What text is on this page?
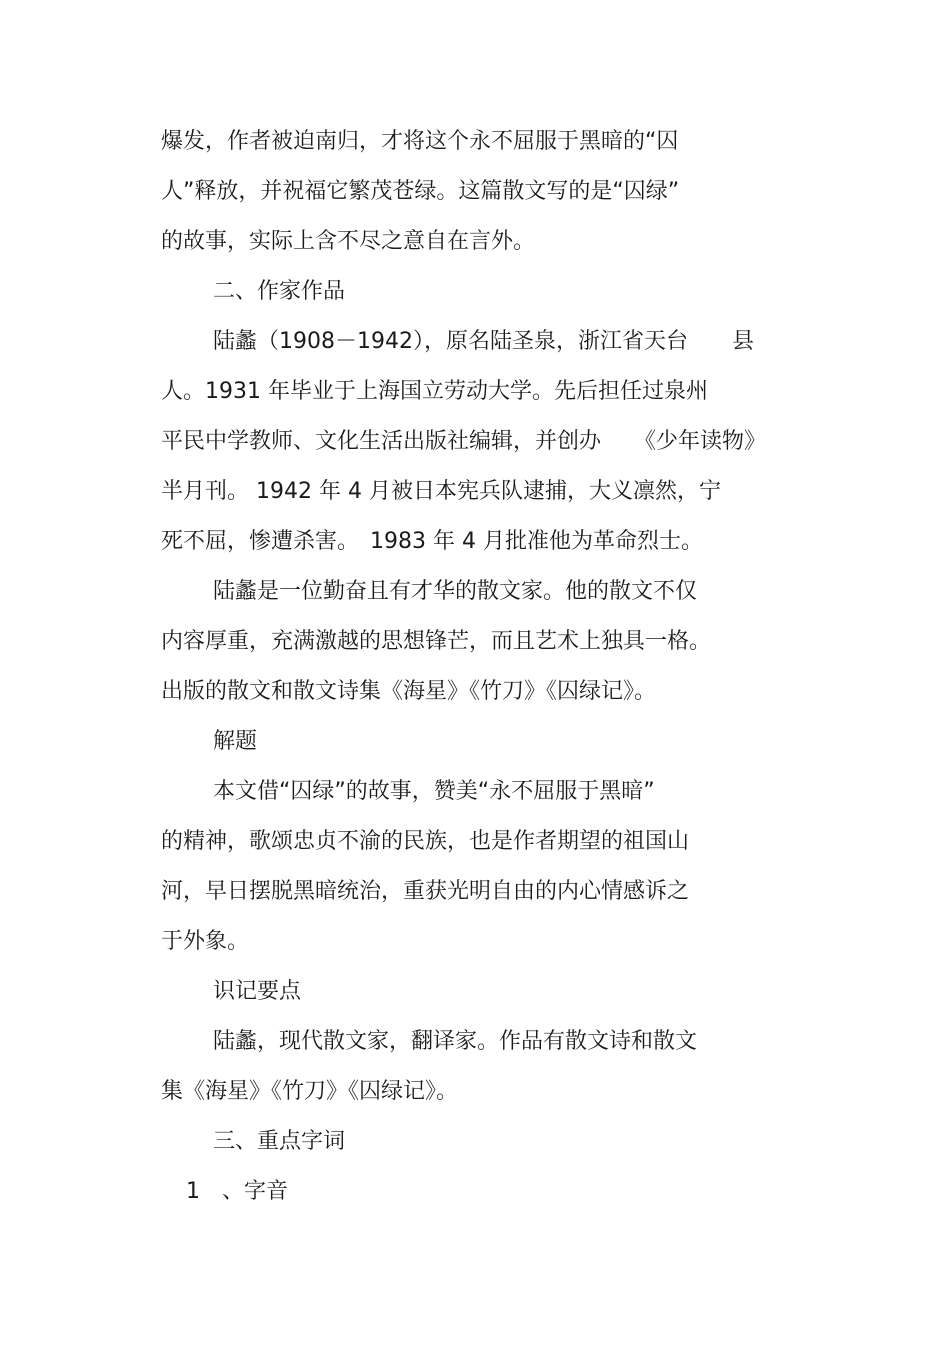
爆发，作者被迫南归，才将这个永不屈服于黑暗的“囚
人”释放，并祝福它繁茂苍绿。这篇散文写的是“囚绿”
的故事，实际上含不尽之意自在言外。
二、作家作品
陆蠡（1908－1942），原名陆圣泉，浙江省天台　　县
人。1931 年毕业于上海国立劳动大学。先后担任过泉州
平民中学教师、文化生活出版社编辑，并创办　　《少年读物》
半月刊。 1942 年 4 月被日本宪兵队逮捕，大义凛然，宁
死不屈，惨遭杀害。　1983 年 4 月批准他为革命烈士。
陆蠡是一位勤奋且有才华的散文家。他的散文不仅
内容厚重，充满激越的思想锋芒，而且艺术上独具一格。
出版的散文和散文诗集《海星》《竹刀》《囚绿记》。
解题
本文借“囚绿”的故事，赞美“永不屈服于黑暗”
的精神，歌颂忠贞不渝的民族，也是作者期望的祖国山
河，早日摆脱黑暗统治，重获光明自由的内心情感诉之
于外象。
识记要点
陆蠡，现代散文家，翻译家。作品有散文诗和散文
集《海星》《竹刀》《囚绿记》。
三、重点字词
1　、字音
